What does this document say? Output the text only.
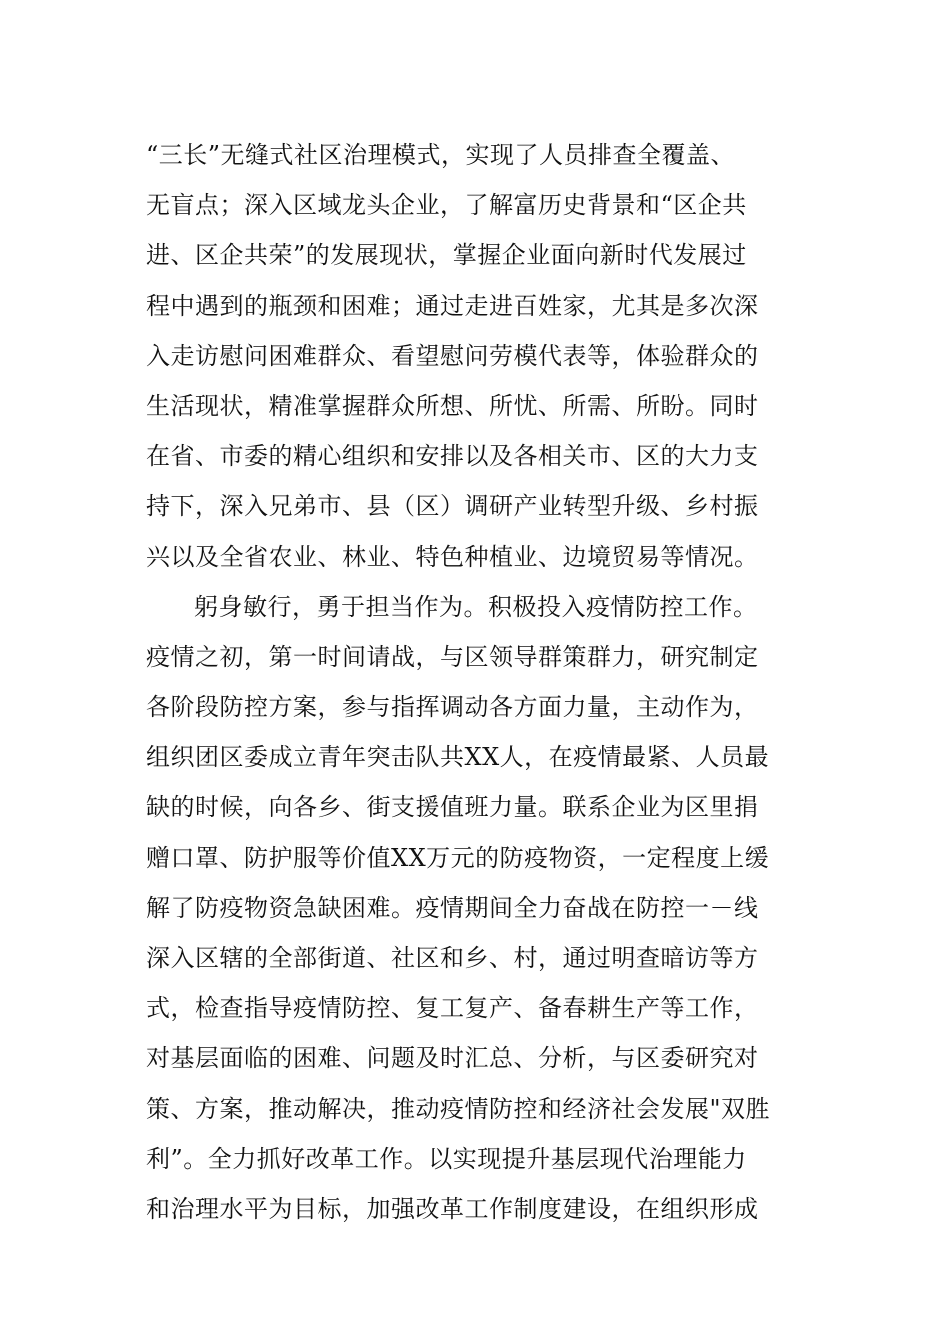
“三长”无缝式社区治理模式，实现了人员排查全覆盖、
无盲点；深入区域龙头企业，了解富历史背景和“区企共
进、区企共荣”的发展现状，掌握企业面向新时代发展过
程中遇到的瓶颈和困难；通过走进百姓家，尤其是多次深
入走访慰问困难群众、看望慰问劳模代表等，体验群众的
生活现状，精准掌握群众所想、所忧、所需、所盼。同时
在省、市委的精心组织和安排以及各相关市、区的大力支
持下，深入兄弟市、县（区）调研产业转型升级、乡村振
兴以及全省农业、林业、特色种植业、边境贸易等情况。
躬身敏行，勇于担当作为。积极投入疫情防控工作。
疫情之初，第一时间请战，与区领导群策群力，研究制定
各阶段防控方案，参与指挥调动各方面力量，主动作为，
组织团区委成立青年突击队共XX人，在疫情最紧、人员最
缺的时候，向各乡、街支援值班力量。联系企业为区里捐
赠口罩、防护服等价值XX万元的防疫物资，一定程度上缓
解了防疫物资急缺困难。疫情期间全力奋战在防控一－线
深入区辖的全部街道、社区和乡、村，通过明查暗访等方
式，检查指导疫情防控、复工复产、备春耕生产等工作，
对基层面临的困难、问题及时汇总、分析，与区委研究对
策、方案，推动解决，推动疫情防控和经济社会发展"双胜
利”。全力抓好改革工作。以实现提升基层现代治理能力
和治理水平为目标，加强改革工作制度建设，在组织形成
